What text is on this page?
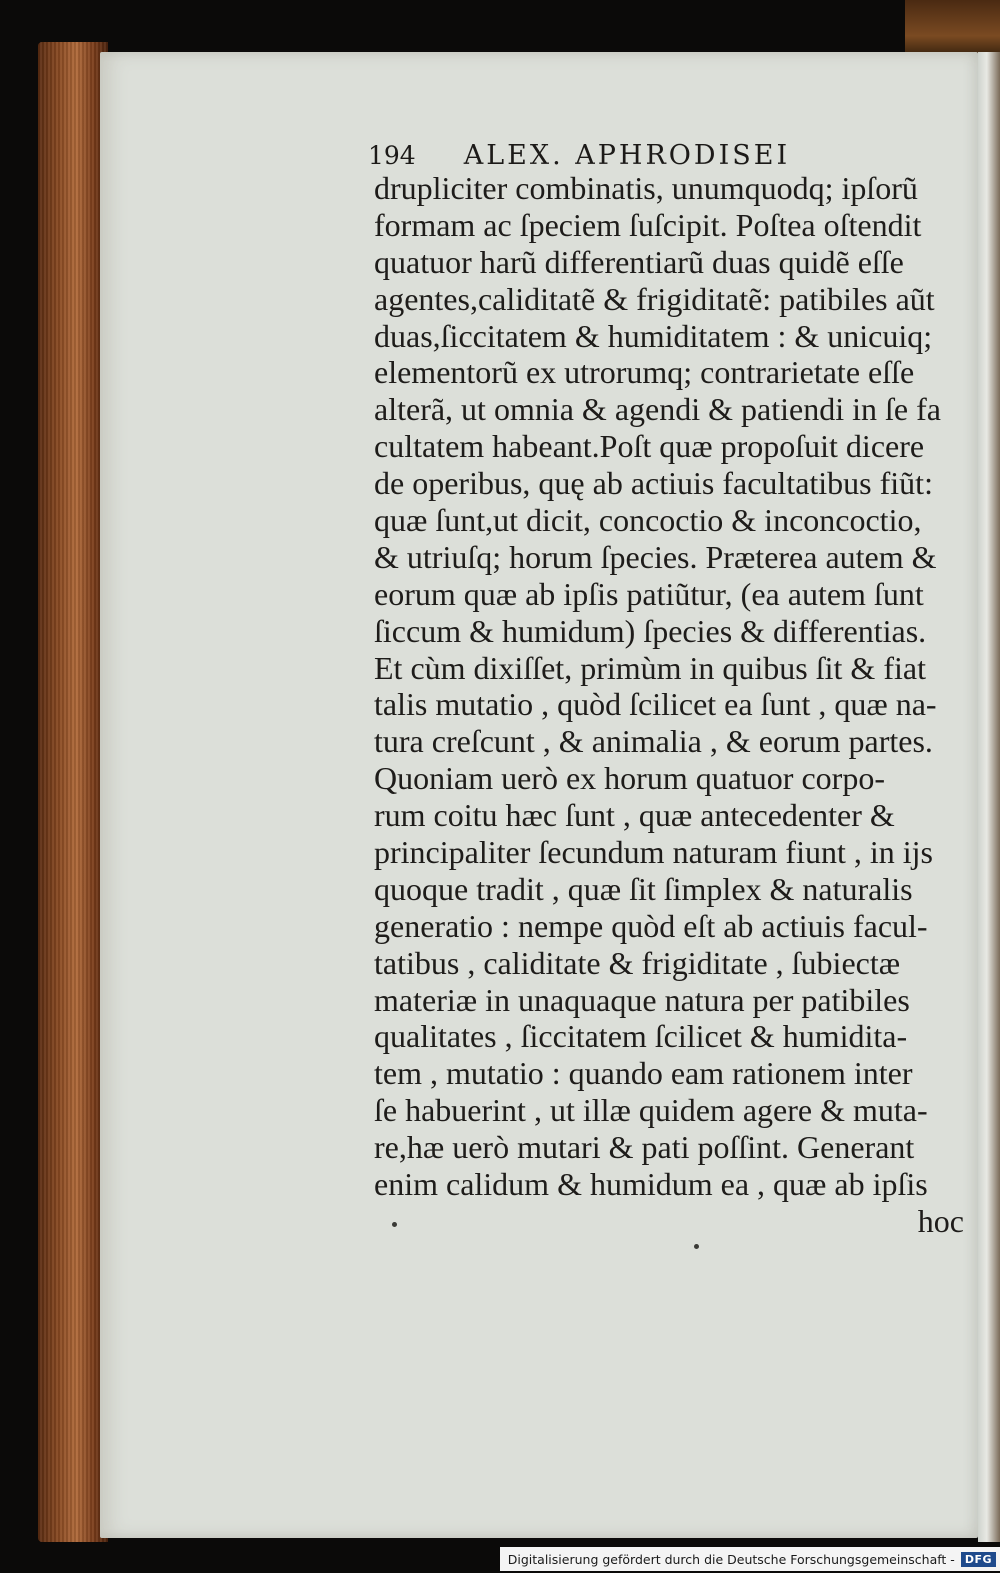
194 ALEX. APHRODISEI
drupliciter combinatis, unumquodq; ipſorũ
formam ac ſpeciem ſuſcipit. Poſtea oſtendit
quatuor harũ differentiarũ duas quidẽ eſſe
agentes,caliditatẽ & frigiditatẽ: patibiles aũt
duas,ſiccitatem & humiditatem : & unicuiq;
elementorũ ex utrorumq; contrarietate eſſe
alterã, ut omnia & agendi & patiendi in ſe fa
cultatem habeant.Poſt quæ propoſuit dicere
de operibus, quę ab actiuis facultatibus fiũt:
quæ ſunt,ut dicit, concoctio & inconcoctio,
& utriuſq; horum ſpecies. Præterea autem &
eorum quæ ab ipſis patiũtur, (ea autem ſunt
ſiccum & humidum) ſpecies & differentias.
Et cùm dixiſſet, primùm in quibus ſit & fiat
talis mutatio , quòd ſcilicet ea ſunt , quæ na-
tura creſcunt , & animalia , & eorum partes.
Quoniam uerò ex horum quatuor corpo-
rum coitu hæc ſunt , quæ antecedenter &
principaliter ſecundum naturam fiunt , in ijs
quoque tradit , quæ ſit ſimplex & naturalis
generatio : nempe quòd eſt ab actiuis facul-
tatibus , caliditate & frigiditate , ſubiectæ
materiæ in unaquaque natura per patibiles
qualitates , ſiccitatem ſcilicet & humidita-
tem , mutatio : quando eam rationem inter
ſe habuerint , ut illæ quidem agere & muta-
re,hæ uerò mutari & pati poſſint. Generant
enim calidum & humidum ea , quæ ab ipſis
hoc
Digitalisierung gefördert durch die Deutsche Forschungsgemeinschaft - DFG
